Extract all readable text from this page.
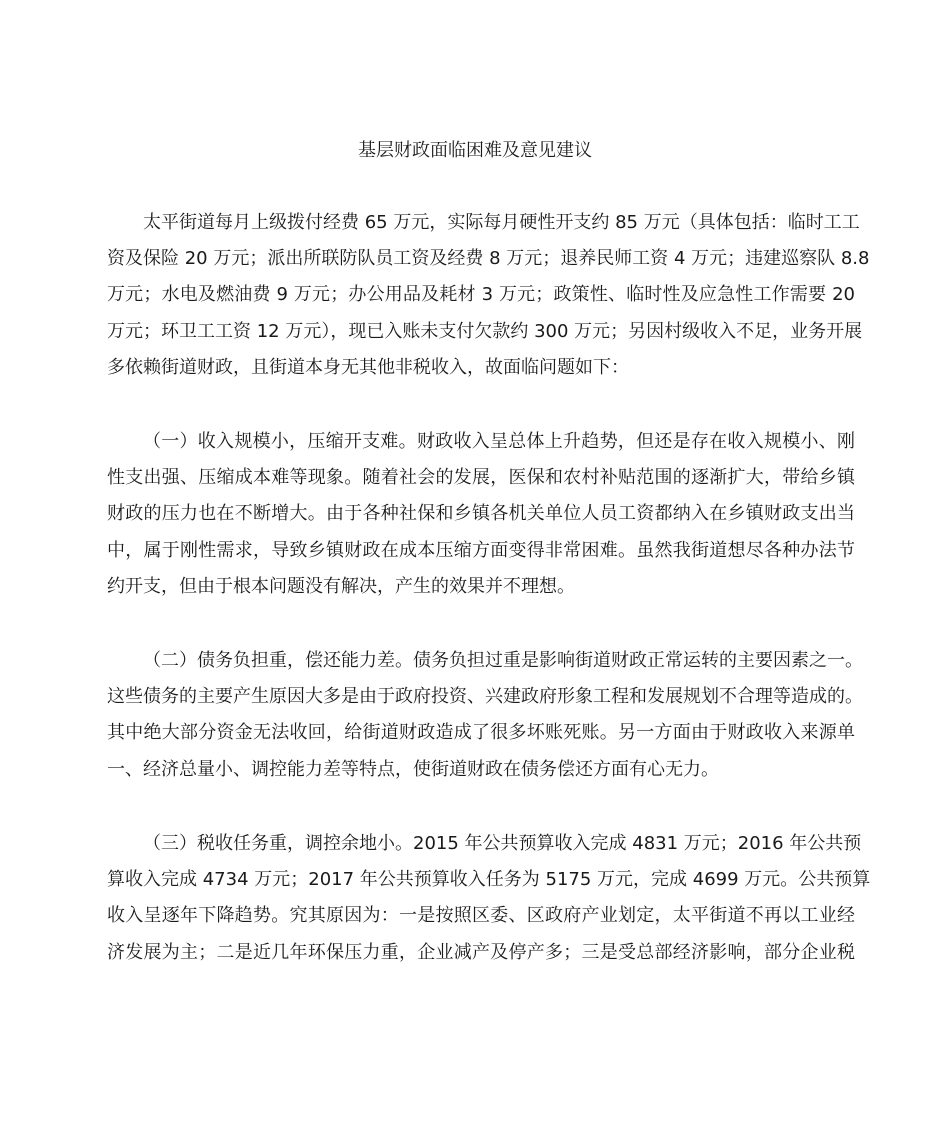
基层财政面临困难及意见建议
太平街道每月上级拨付经费 65 万元，实际每月硬性开支约 85 万元（具体包括：临时工工
资及保险 20 万元；派出所联防队员工资及经费 8 万元；退养民师工资 4 万元；违建巡察队 8.8
万元；水电及燃油费 9 万元；办公用品及耗材 3 万元；政策性、临时性及应急性工作需要 20
万元；环卫工工资 12 万元），现已入账未支付欠款约 300 万元；另因村级收入不足，业务开展
多依赖街道财政，且街道本身无其他非税收入，故面临问题如下：
（一）收入规模小，压缩开支难。财政收入呈总体上升趋势，但还是存在收入规模小、刚
性支出强、压缩成本难等现象。随着社会的发展，医保和农村补贴范围的逐渐扩大，带给乡镇
财政的压力也在不断增大。由于各种社保和乡镇各机关单位人员工资都纳入在乡镇财政支出当
中，属于刚性需求，导致乡镇财政在成本压缩方面变得非常困难。虽然我街道想尽各种办法节
约开支，但由于根本问题没有解决，产生的效果并不理想。
（二）债务负担重，偿还能力差。债务负担过重是影响街道财政正常运转的主要因素之一。
这些债务的主要产生原因大多是由于政府投资、兴建政府形象工程和发展规划不合理等造成的。
其中绝大部分资金无法收回，给街道财政造成了很多坏账死账。另一方面由于财政收入来源单
一、经济总量小、调控能力差等特点，使街道财政在债务偿还方面有心无力。
（三）税收任务重，调控余地小。2015 年公共预算收入完成 4831 万元；2016 年公共预
算收入完成 4734 万元；2017 年公共预算收入任务为 5175 万元，完成 4699 万元。公共预算
收入呈逐年下降趋势。究其原因为：一是按照区委、区政府产业划定，太平街道不再以工业经
济发展为主；二是近几年环保压力重，企业减产及停产多；三是受总部经济影响，部分企业税
